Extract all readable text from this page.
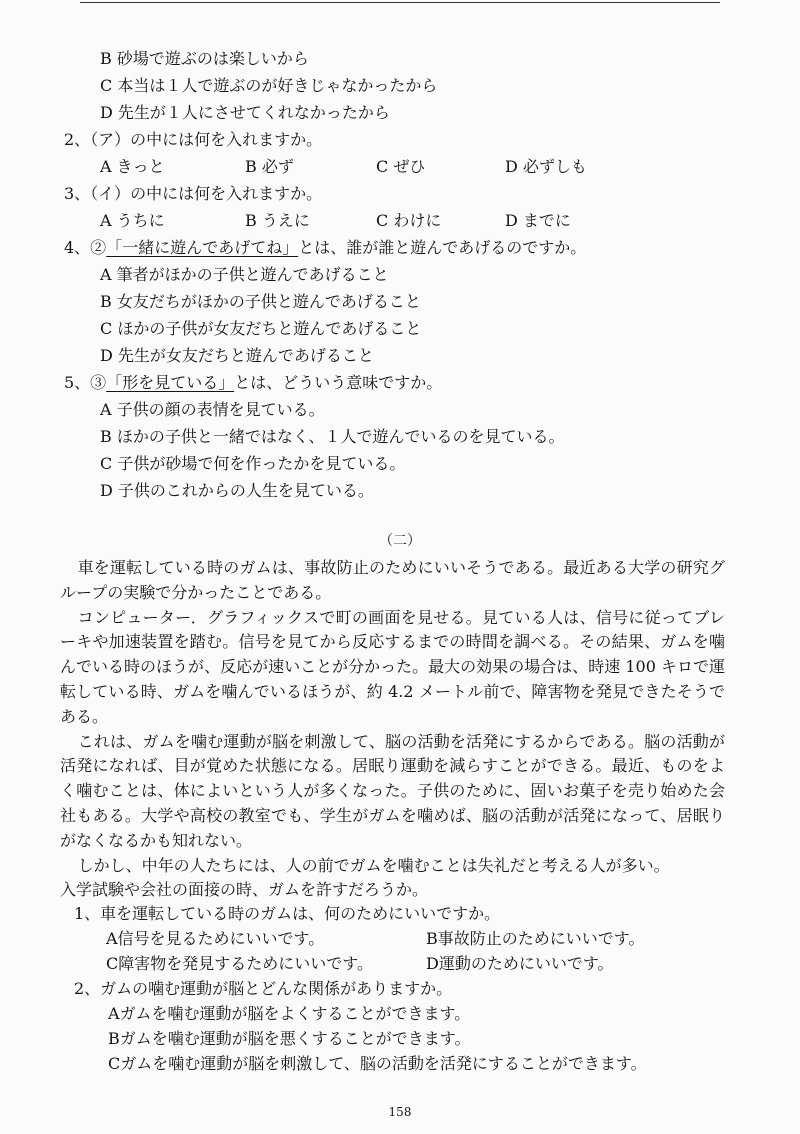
B 砂場で遊ぶのは楽しいから
C 本当は１人で遊ぶのが好きじゃなかったから
D 先生が１人にさせてくれなかったから
2、（ア）の中には何を入れますか。
A きっと	B 必ず	C ぜひ	D 必ずしも
3、（イ）の中には何を入れますか。
A うちに	B うえに	C わけに	D までに
4、②「一緒に遊んであげてね」とは、誰が誰と遊んであげるのですか。
A 筆者がほかの子供と遊んであげること
B 女友だちがほかの子供と遊んであげること
C ほかの子供が女友だちと遊んであげること
D 先生が女友だちと遊んであげること
5、③「形を見ている」とは、どういう意味ですか。
A 子供の顔の表情を見ている。
B ほかの子供と一緒ではなく、１人で遊んでいるのを見ている。
C 子供が砂場で何を作ったかを見ている。
D 子供のこれからの人生を見ている。
（二）

車を運転している時のガムは、事故防止のためにいいそうである。最近ある大学の研究グループの実験で分かったことである。

コンピューター．グラフィックスで町の画面を見せる。見ている人は、信号に従ってブレーキや加速装置を踏む。信号を見てから反応するまでの時間を調べる。その結果、ガムを噛んでいる時のほうが、反応が速いことが分かった。最大の効果の場合は、時速 100 キロで運転している時、ガムを噛んでいるほうが、約 4.2 メートル前で、障害物を発見できたそうである。

これは、ガムを噛む運動が脳を刺激して、脳の活動を活発にするからである。脳の活動が活発になれば、目が覚めた状態になる。居眠り運動を減らすことができる。最近、ものをよく噛むことは、体によいという人が多くなった。子供のために、固いお菓子を売り始めた会社もある。大学や高校の教室でも、学生がガムを噛めば、脳の活動が活発になって、居眠りがなくなるかも知れない。

しかし、中年の人たちには、人の前でガムを噛むことは失礼だと考える人が多い。

入学試験や会社の面接の時、ガムを許すだろうか。

1、車を運転している時のガムは、何のためにいいですか。
A信号を見るためにいいです。	B事故防止のためにいいです。
C障害物を発見するためにいいです。	D運動のためにいいです。
2、ガムの噛む運動が脳とどんな関係がありますか。
Aガムを噛む運動が脳をよくすることができます。
Bガムを噛む運動が脳を悪くすることができます。
Cガムを噛む運動が脳を刺激して、脳の活動を活発にすることができます。
158
